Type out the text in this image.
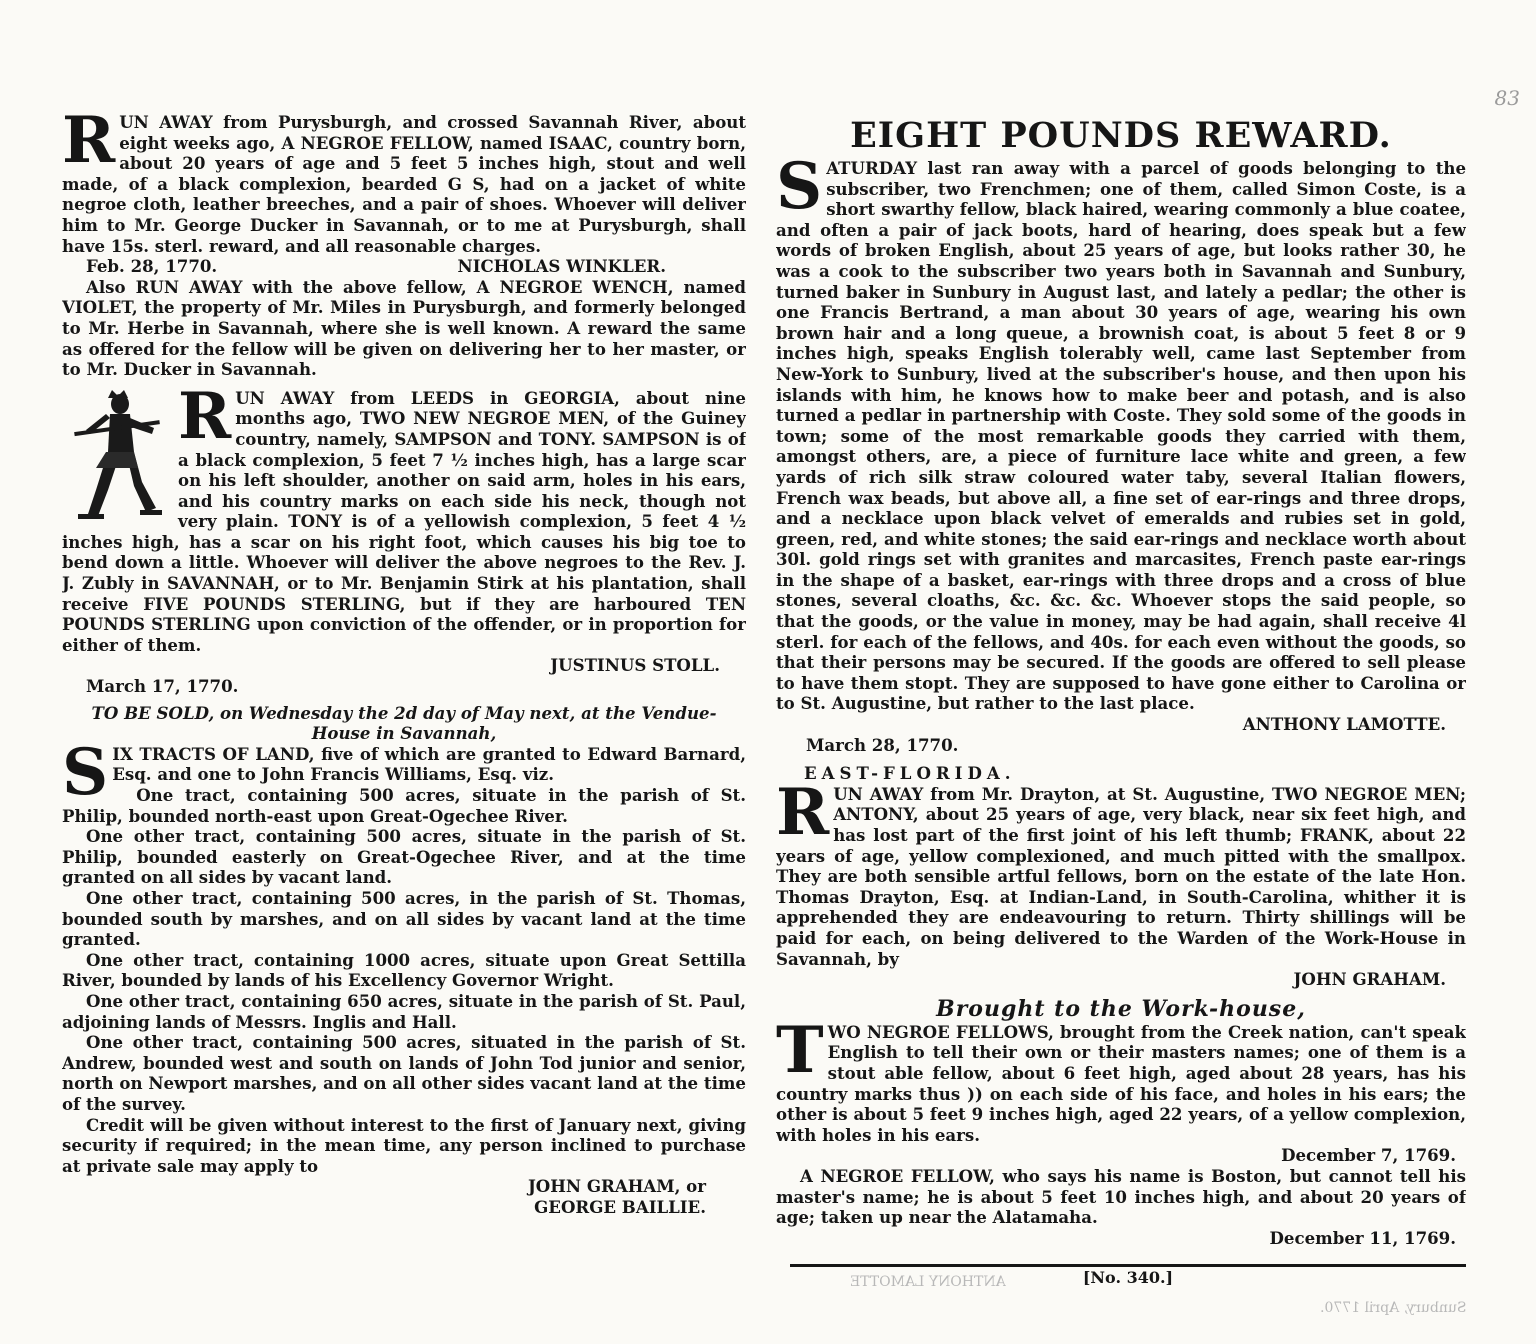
83
ANTHONY LAMOTTE
Sunbury, April 1770.

R UN AWAY from Purysburgh, and crossed Savannah River, about eight weeks ago, A NEGROE FELLOW, named ISAAC, country born, about 20 years of age and 5 feet 5 inches high, stout and well made, of a black complexion, bearded G S, had on a jacket of white negroe cloth, leather breeches, and a pair of shoes. Whoever will deliver him to Mr. George Ducker in Savannah, or to me at Purysburgh, shall have 15s. sterl. reward, and all reasonable charges.

Feb. 28, 1770.	NICHOLAS WINKLER.

Also RUN AWAY with the above fellow, A NEGROE WENCH, named VIOLET, the property of Mr. Miles in Purysburgh, and formerly belonged to Mr. Herbe in Savannah, where she is well known. A reward the same as offered for the fellow will be given on delivering her to her master, or to Mr. Ducker in Savannah.

R UN AWAY from LEEDS in GEORGIA, about nine months ago, TWO NEW NEGROE MEN, of the Guiney country, namely, SAMPSON and TONY. SAMPSON is of a black complexion, 5 feet 7 ½ inches high, has a large scar on his left shoulder, another on said arm, holes in his ears, and his country marks on each side his neck, though not very plain. TONY is of a yellowish complexion, 5 feet 4 ½ inches high, has a scar on his right foot, which causes his big toe to bend down a little. Whoever will deliver the above negroes to the Rev. J. J. Zubly in SAVANNAH, or to Mr. Benjamin Stirk at his plantation, shall receive FIVE POUNDS STERLING, but if they are harboured TEN POUNDS STERLING upon conviction of the offender, or in proportion for either of them.

JUSTINUS STOLL.
March 17, 1770.

TO BE SOLD, on Wednesday the 2d day of May next, at the Vendue-House in Savannah,

S IX TRACTS OF LAND, five of which are granted to Edward Barnard, Esq. and one to John Francis Williams, Esq. viz.

One tract, containing 500 acres, situate in the parish of St. Philip, bounded north-east upon Great-Ogechee River.

One other tract, containing 500 acres, situate in the parish of St. Philip, bounded easterly on Great-Ogechee River, and at the time granted on all sides by vacant land.

One other tract, containing 500 acres, in the parish of St. Thomas, bounded south by marshes, and on all sides by vacant land at the time granted.

One other tract, containing 1000 acres, situate upon Great Settilla River, bounded by lands of his Excellency Governor Wright.

One other tract, containing 650 acres, situate in the parish of St. Paul, adjoining lands of Messrs. Inglis and Hall.

One other tract, containing 500 acres, situated in the parish of St. Andrew, bounded west and south on lands of John Tod junior and senior, north on Newport marshes, and on all other sides vacant land at the time of the survey.

Credit will be given without interest to the first of January next, giving security if required; in the mean time, any person inclined to purchase at private sale may apply to

JOHN GRAHAM, or
GEORGE BAILLIE.
EIGHT POUNDS REWARD.

S ATURDAY last ran away with a parcel of goods belonging to the subscriber, two Frenchmen; one of them, called Simon Coste, is a short swarthy fellow, black haired, wearing commonly a blue coatee, and often a pair of jack boots, hard of hearing, does speak but a few words of broken English, about 25 years of age, but looks rather 30, he was a cook to the subscriber two years both in Savannah and Sunbury, turned baker in Sunbury in August last, and lately a pedlar; the other is one Francis Bertrand, a man about 30 years of age, wearing his own brown hair and a long queue, a brownish coat, is about 5 feet 8 or 9 inches high, speaks English tolerably well, came last September from New-York to Sunbury, lived at the subscriber's house, and then upon his islands with him, he knows how to make beer and potash, and is also turned a pedlar in partnership with Coste. They sold some of the goods in town; some of the most remarkable goods they carried with them, amongst others, are, a piece of furniture lace white and green, a few yards of rich silk straw coloured water taby, several Italian flowers, French wax beads, but above all, a fine set of ear-rings and three drops, and a necklace upon black velvet of emeralds and rubies set in gold, green, red, and white stones; the said ear-rings and necklace worth about 30l. gold rings set with granites and marcasites, French paste ear-rings in the shape of a basket, ear-rings with three drops and a cross of blue stones, several cloaths, &c. &c. &c. Whoever stops the said people, so that the goods, or the value in money, may be had again, shall receive 4l sterl. for each of the fellows, and 40s. for each even without the goods, so that their persons may be secured. If the goods are offered to sell please to have them stopt. They are supposed to have gone either to Carolina or to St. Augustine, but rather to the last place.

ANTHONY LAMOTTE.
March 28, 1770.
EAST-FLORIDA.

R UN AWAY from Mr. Drayton, at St. Augustine, TWO NEGROE MEN; ANTONY, about 25 years of age, very black, near six feet high, and has lost part of the first joint of his left thumb; FRANK, about 22 years of age, yellow complexioned, and much pitted with the smallpox. They are both sensible artful fellows, born on the estate of the late Hon. Thomas Drayton, Esq. at Indian-Land, in South-Carolina, whither it is apprehended they are endeavouring to return. Thirty shillings will be paid for each, on being delivered to the Warden of the Work-House in Savannah, by

JOHN GRAHAM.
Brought to the Work-house,

T WO NEGROE FELLOWS, brought from the Creek nation, can't speak English to tell their own or their masters names; one of them is a stout able fellow, about 6 feet high, aged about 28 years, has his country marks thus )) on each side of his face, and holes in his ears; the other is about 5 feet 9 inches high, aged 22 years, of a yellow complexion, with holes in his ears.

December 7, 1769.

A NEGROE FELLOW, who says his name is Boston, but cannot tell his master's name; he is about 5 feet 10 inches high, and about 20 years of age; taken up near the Alatamaha.

December 11, 1769.
[No. 340.]
